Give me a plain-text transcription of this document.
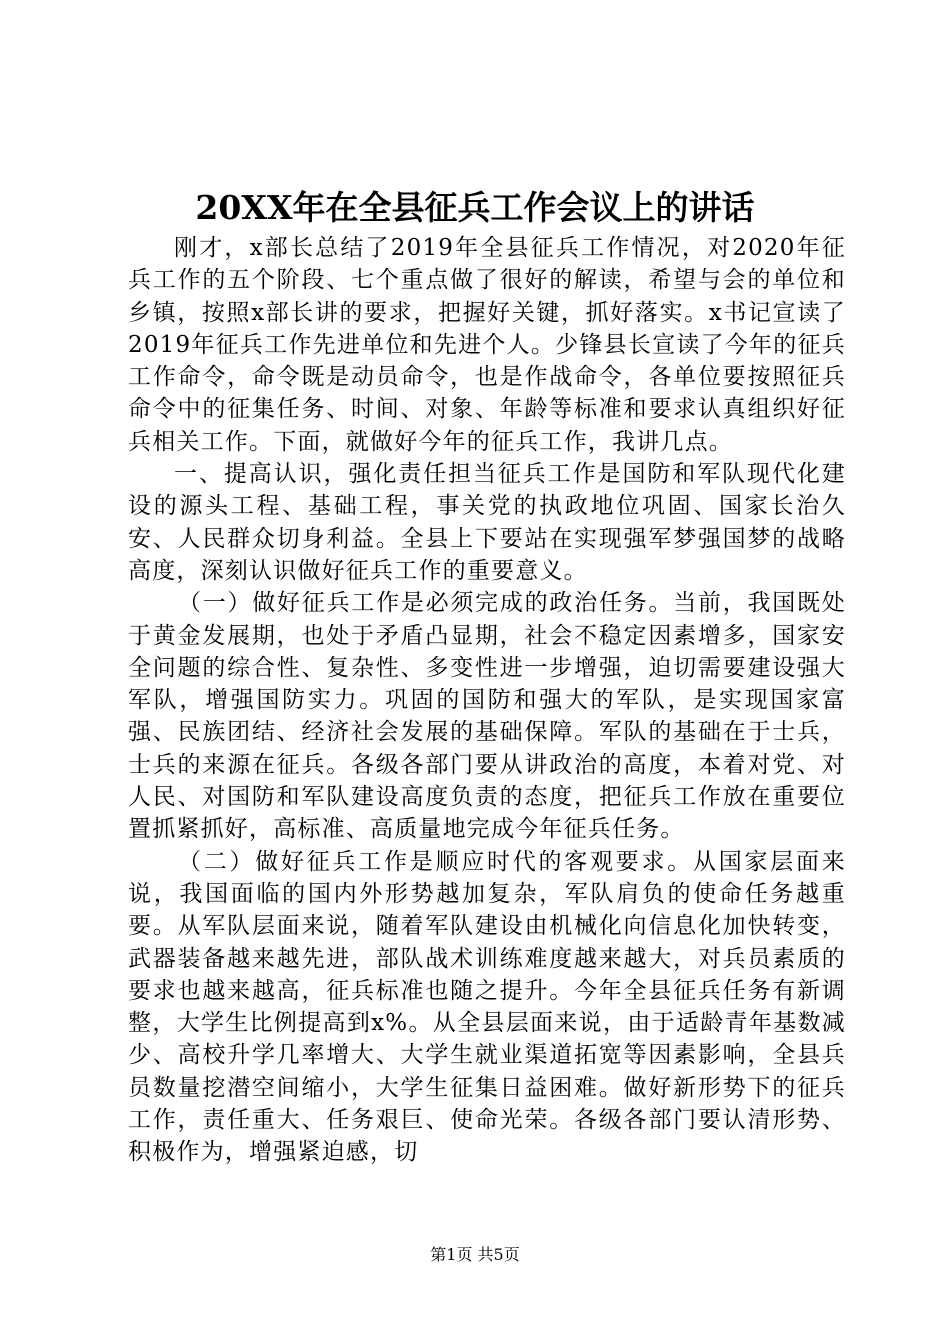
20XX年在全县征兵工作会议上的讲话

刚才，x部长总结了2019年全县征兵工作情况，对2020年征兵工作的五个阶段、七个重点做了很好的解读，希望与会的单位和乡镇，按照x部长讲的要求，把握好关键，抓好落实。x书记宣读了2019年征兵工作先进单位和先进个人。少锋县长宣读了今年的征兵工作命令，命令既是动员命令，也是作战命令，各单位要按照征兵命令中的征集任务、时间、对象、年龄等标准和要求认真组织好征兵相关工作。下面，就做好今年的征兵工作，我讲几点。

一、提高认识，强化责任担当征兵工作是国防和军队现代化建设的源头工程、基础工程，事关党的执政地位巩固、国家长治久安、人民群众切身利益。全县上下要站在实现强军梦强国梦的战略高度，深刻认识做好征兵工作的重要意义。

（一）做好征兵工作是必须完成的政治任务。当前，我国既处于黄金发展期，也处于矛盾凸显期，社会不稳定因素增多，国家安全问题的综合性、复杂性、多变性进一步增强，迫切需要建设强大军队，增强国防实力。巩固的国防和强大的军队，是实现国家富强、民族团结、经济社会发展的基础保障。军队的基础在于士兵，士兵的来源在征兵。各级各部门要从讲政治的高度，本着对党、对人民、对国防和军队建设高度负责的态度，把征兵工作放在重要位置抓紧抓好，高标准、高质量地完成今年征兵任务。

（二）做好征兵工作是顺应时代的客观要求。从国家层面来说，我国面临的国内外形势越加复杂，军队肩负的使命任务越重要。从军队层面来说，随着军队建设由机械化向信息化加快转变，武器装备越来越先进，部队战术训练难度越来越大，对兵员素质的要求也越来越高，征兵标准也随之提升。今年全县征兵任务有新调整，大学生比例提高到x%。从全县层面来说，由于适龄青年基数减少、高校升学几率增大、大学生就业渠道拓宽等因素影响，全县兵员数量挖潜空间缩小，大学生征集日益困难。做好新形势下的征兵工作，责任重大、任务艰巨、使命光荣。各级各部门要认清形势、积极作为，增强紧迫感，切

第1页 共5页
